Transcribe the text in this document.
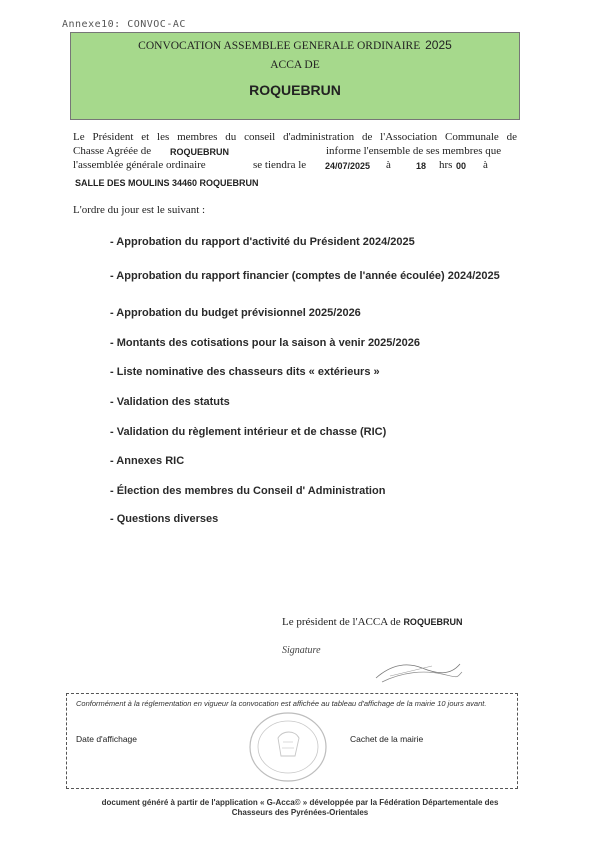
Annexe10: CONVOC-AC
CONVOCATION ASSEMBLEE GENERALE ORDINAIRE 2025
ACCA DE
ROQUEBRUN
Le Président et les membres du conseil d'administration de l'Association Communale de
Chasse Agréée de ROQUEBRUN	informe l'ensemble de ses membres que
l'assemblée générale ordinaire	se tiendra le 24/07/2025 à	18 hrs 00 à
SALLE DES MOULINS 34460 ROQUEBRUN
L'ordre du jour est le suivant :
- Approbation du rapport d'activité du Président 2024/2025
- Approbation du rapport financier (comptes de l'année écoulée) 2024/2025
- Approbation du budget prévisionnel 2025/2026
- Montants des cotisations pour la saison à venir 2025/2026
- Liste nominative des chasseurs dits « extérieurs »
- Validation des statuts
- Validation du règlement intérieur et de chasse (RIC)
- Annexes RIC
- Élection des membres du Conseil d' Administration
- Questions diverses
Le président de l'ACCA de ROQUEBRUN
Signature
Conformément à la réglementation en vigueur la convocation est affichée au tableau d'affichage de la mairie 10 jours avant.
Date d'affichage	Cachet de la mairie
document généré à partir de l'application « G-Acca© » développée par la Fédération Départementale des
Chasseurs des Pyrénées-Orientales
